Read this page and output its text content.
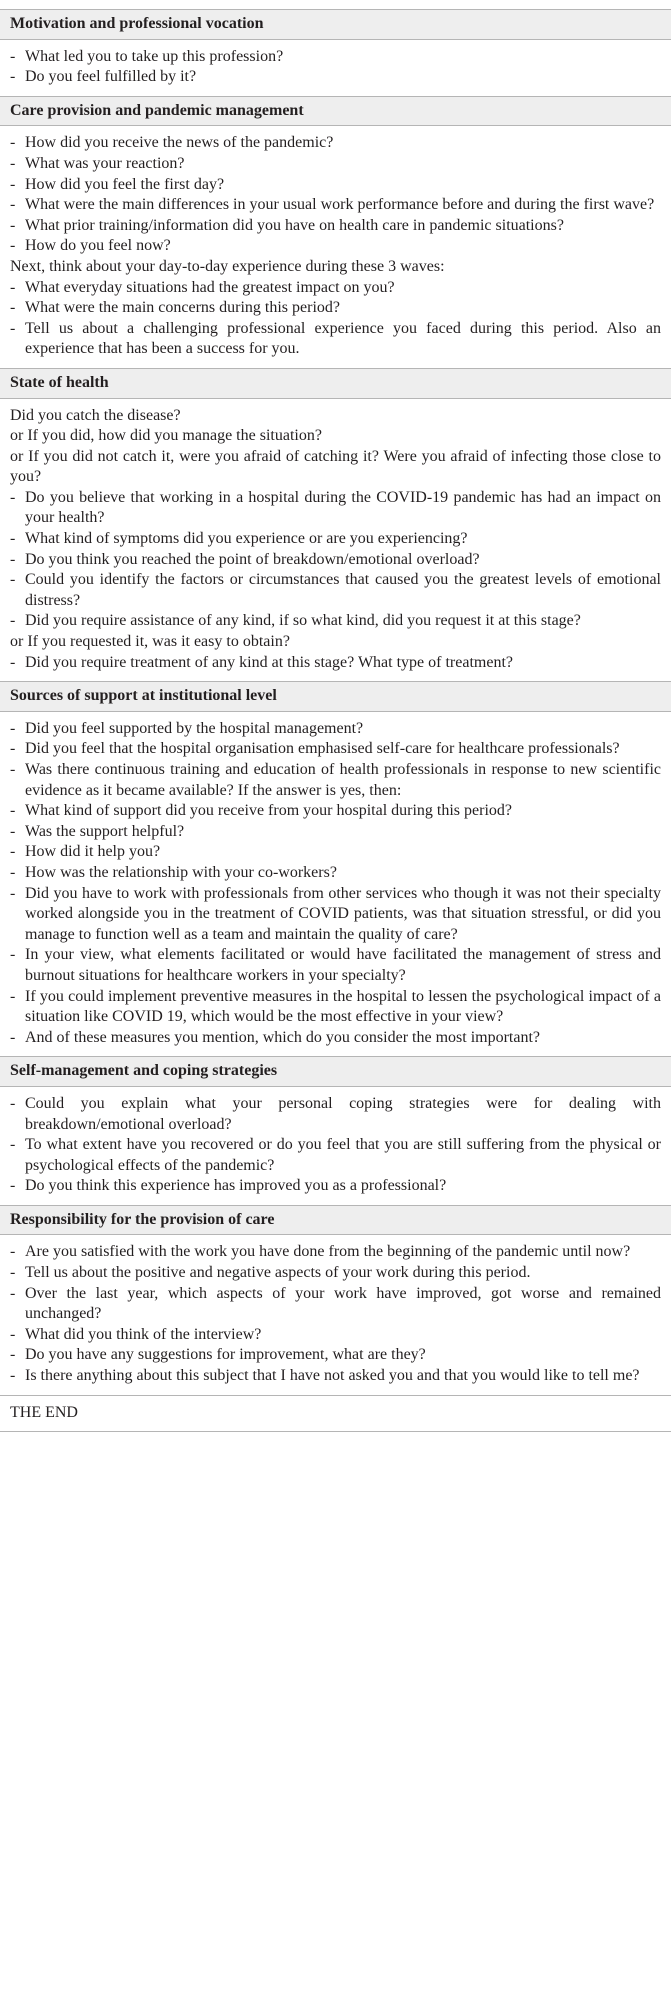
Motivation and professional vocation
- What led you to take up this profession?
- Do you feel fulfilled by it?
Care provision and pandemic management
- How did you receive the news of the pandemic?
- What was your reaction?
- How did you feel the first day?
- What were the main differences in your usual work performance before and during the first wave?
- What prior training/information did you have on health care in pandemic situations?
- How do you feel now?
Next, think about your day-to-day experience during these 3 waves:
- What everyday situations had the greatest impact on you?
- What were the main concerns during this period?
- Tell us about a challenging professional experience you faced during this period. Also an experience that has been a success for you.
State of health
Did you catch the disease?
or If you did, how did you manage the situation?
or If you did not catch it, were you afraid of catching it? Were you afraid of infecting those close to you?
- Do you believe that working in a hospital during the COVID-19 pandemic has had an impact on your health?
- What kind of symptoms did you experience or are you experiencing?
- Do you think you reached the point of breakdown/emotional overload?
- Could you identify the factors or circumstances that caused you the greatest levels of emotional distress?
- Did you require assistance of any kind, if so what kind, did you request it at this stage?
or If you requested it, was it easy to obtain?
- Did you require treatment of any kind at this stage? What type of treatment?
Sources of support at institutional level
- Did you feel supported by the hospital management?
- Did you feel that the hospital organisation emphasised self-care for healthcare professionals?
- Was there continuous training and education of health professionals in response to new scientific evidence as it became available? If the answer is yes, then:
- What kind of support did you receive from your hospital during this period?
- Was the support helpful?
- How did it help you?
- How was the relationship with your co-workers?
- Did you have to work with professionals from other services who though it was not their specialty worked alongside you in the treatment of COVID patients, was that situation stressful, or did you manage to function well as a team and maintain the quality of care?
- In your view, what elements facilitated or would have facilitated the management of stress and burnout situations for healthcare workers in your specialty?
- If you could implement preventive measures in the hospital to lessen the psychological impact of a situation like COVID 19, which would be the most effective in your view?
- And of these measures you mention, which do you consider the most important?
Self-management and coping strategies
- Could you explain what your personal coping strategies were for dealing with breakdown/emotional overload?
- To what extent have you recovered or do you feel that you are still suffering from the physical or psychological effects of the pandemic?
- Do you think this experience has improved you as a professional?
Responsibility for the provision of care
- Are you satisfied with the work you have done from the beginning of the pandemic until now?
- Tell us about the positive and negative aspects of your work during this period.
- Over the last year, which aspects of your work have improved, got worse and remained unchanged?
- What did you think of the interview?
- Do you have any suggestions for improvement, what are they?
- Is there anything about this subject that I have not asked you and that you would like to tell me?
THE END
